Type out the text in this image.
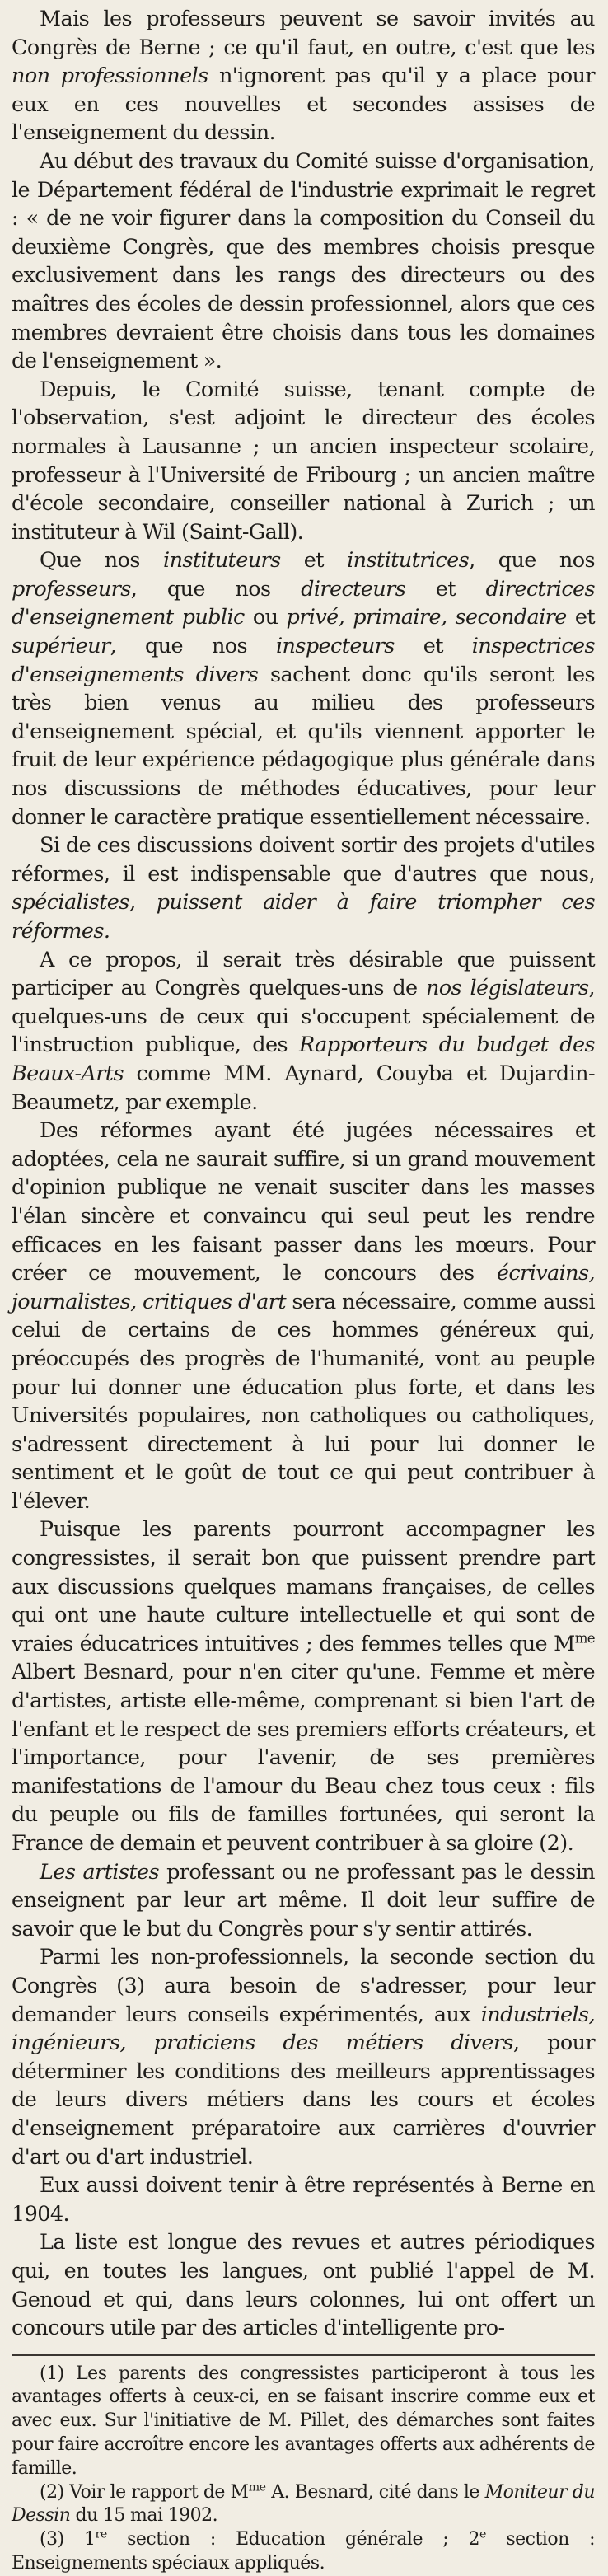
Mais les professeurs peuvent se savoir invités au Congrès de Berne ; ce qu'il faut, en outre, c'est que les non professionnels n'ignorent pas qu'il y a place pour eux en ces nouvelles et secondes assises de l'enseignement du dessin.

Au début des travaux du Comité suisse d'organisation, le Département fédéral de l'industrie exprimait le regret : « de ne voir figurer dans la composition du Conseil du deuxième Congrès, que des membres choisis presque exclusivement dans les rangs des directeurs ou des maîtres des écoles de dessin professionnel, alors que ces membres devraient être choisis dans tous les domaines de l'enseignement ».

Depuis, le Comité suisse, tenant compte de l'observation, s'est adjoint le directeur des écoles normales à Lausanne ; un ancien inspecteur scolaire, professeur à l'Université de Fribourg ; un ancien maître d'école secondaire, conseiller national à Zurich ; un instituteur à Wil (Saint-Gall).

Que nos instituteurs et institutrices, que nos professeurs, que nos directeurs et directrices d'enseignement public ou privé, primaire, secondaire et supérieur, que nos inspecteurs et inspectrices d'enseignements divers sachent donc qu'ils seront les très bien venus au milieu des professeurs d'enseignement spécial, et qu'ils viennent apporter le fruit de leur expérience pédagogique plus générale dans nos discussions de méthodes éducatives, pour leur donner le caractère pratique essentiellement nécessaire.

Si de ces discussions doivent sortir des projets d'utiles réformes, il est indispensable que d'autres que nous, spécialistes, puissent aider à faire triompher ces réformes.

A ce propos, il serait très désirable que puissent participer au Congrès quelques-uns de nos législateurs, quelques-uns de ceux qui s'occupent spécialement de l'instruction publique, des Rapporteurs du budget des Beaux-Arts comme MM. Aynard, Couyba et Dujardin-Beaumetz, par exemple.

Des réformes ayant été jugées nécessaires et adoptées, cela ne saurait suffire, si un grand mouvement d'opinion publique ne venait susciter dans les masses l'élan sincère et convaincu qui seul peut les rendre efficaces en les faisant passer dans les mœurs. Pour créer ce mouvement, le concours des écrivains, journalistes, critiques d'art sera nécessaire, comme aussi celui de certains de ces hommes généreux qui, préoccupés des progrès de l'humanité, vont au peuple pour lui donner une éducation plus forte, et dans les Universités populaires, non catholiques ou catholiques, s'adressent directement à lui pour lui donner le sentiment et le goût de tout ce qui peut contribuer à l'élever.

Puisque les parents pourront accompagner les congressistes, il serait bon que puissent prendre part aux discussions quelques mamans françaises, de celles qui ont une haute culture intellectuelle et qui sont de vraies éducatrices intuitives ; des femmes telles que $M^{me}$ Albert Besnard, pour n'en citer qu'une. Femme et mère d'artistes, artiste elle-même, comprenant si bien l'art de l'enfant et le respect de ses premiers efforts créateurs, et l'importance, pour l'avenir, de ses premières manifestations de l'amour du Beau chez tous ceux : fils du peuple ou fils de familles fortunées, qui seront la France de demain et peuvent contribuer à sa gloire (2).

Les artistes professant ou ne professant pas le dessin enseignent par leur art même. Il doit leur suffire de savoir que le but du Congrès pour s'y sentir attirés.

Parmi les non-professionnels, la seconde section du Congrès (3) aura besoin de s'adresser, pour leur demander leurs conseils expérimentés, aux industriels, ingénieurs, praticiens des métiers divers, pour déterminer les conditions des meilleurs apprentissages de leurs divers métiers dans les cours et écoles d'enseignement préparatoire aux carrières d'ouvrier d'art ou d'art industriel.

Eux aussi doivent tenir à être représentés à Berne en 1904.

La liste est longue des revues et autres périodiques qui, en toutes les langues, ont publié l'appel de M. Genoud et qui, dans leurs colonnes, lui ont offert un concours utile par des articles d'intelligente pro-

(1) Les parents des congressistes participeront à tous les avantages offerts à ceux-ci, en se faisant inscrire comme eux et avec eux. Sur l'initiative de M. Pillet, des démarches sont faites pour faire accroître encore les avantages offerts aux adhérents de famille.

(2) Voir le rapport de $M^{me}$ A. Besnard, cité dans le Moniteur du Dessin du 15 mai 1902.

(3) 1re section : Education générale ; 2e section : Enseignements spéciaux appliqués.
